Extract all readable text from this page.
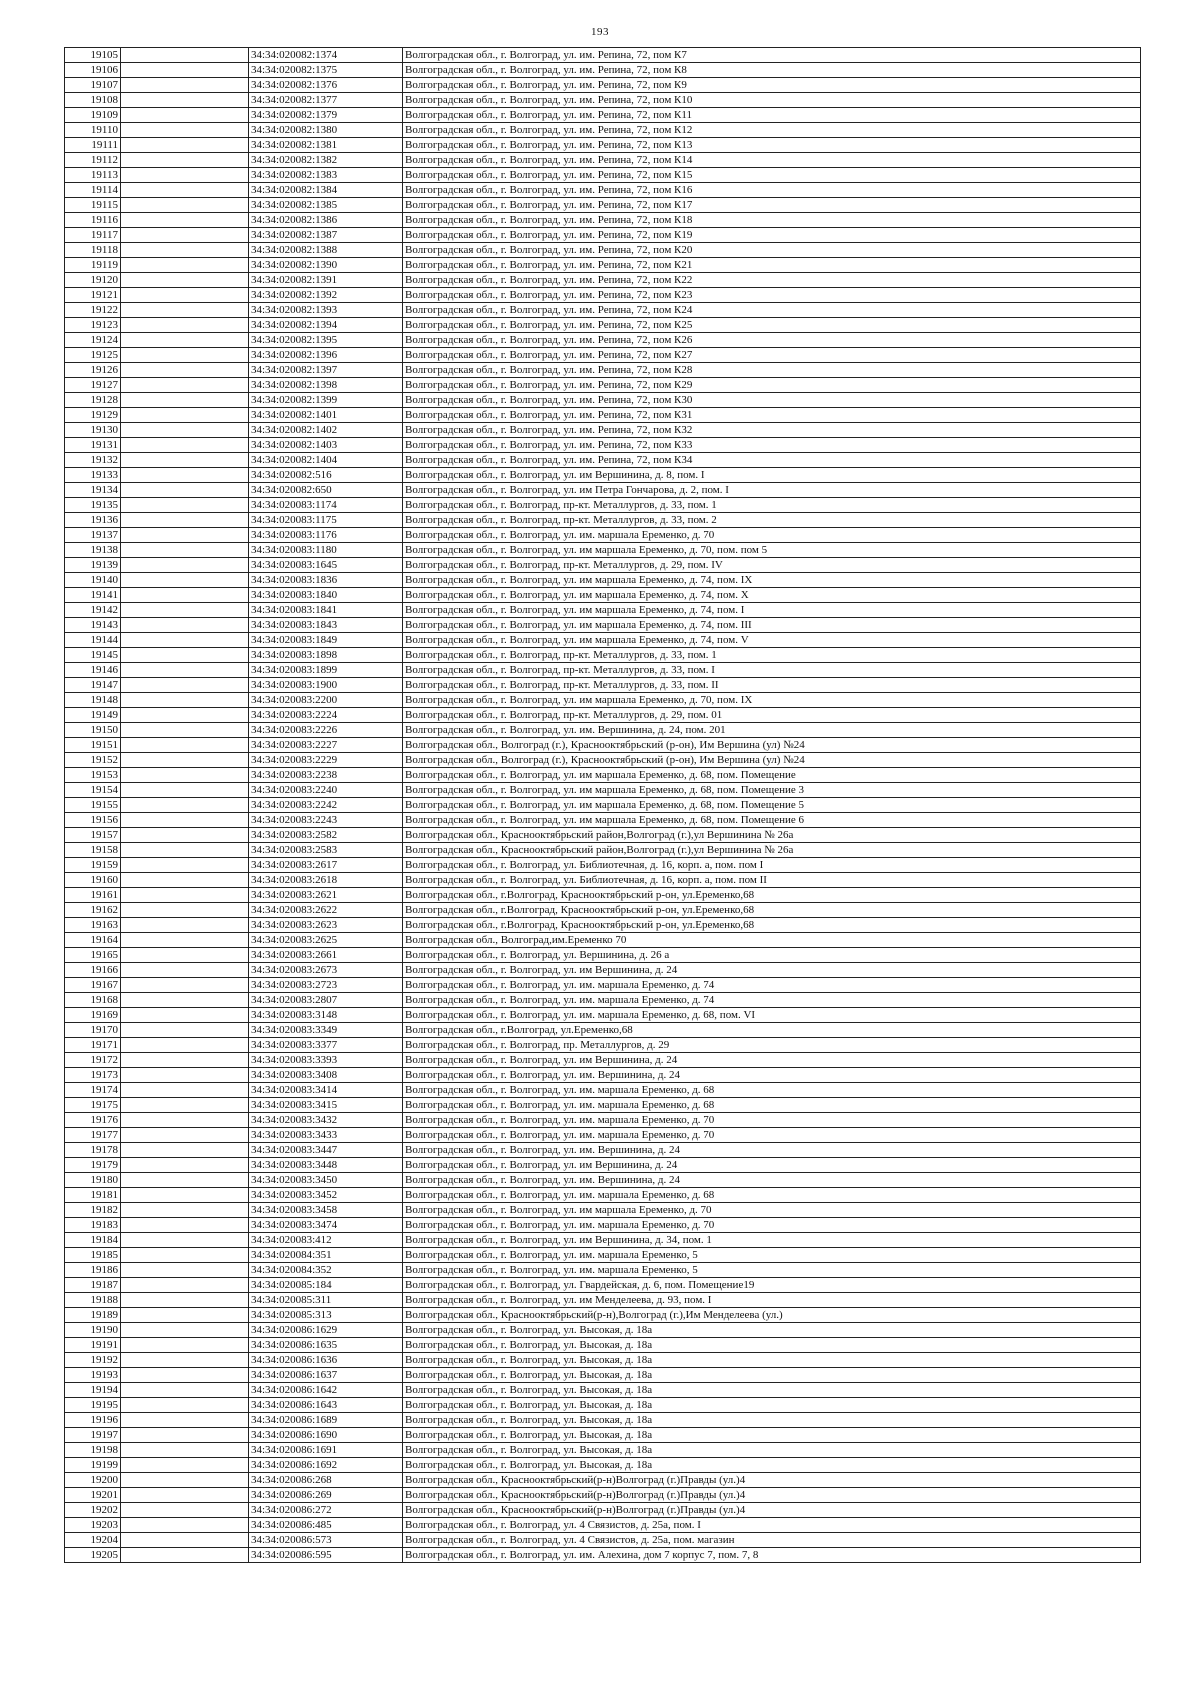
193
19105		34:34:020082:1374	Волгоградская обл., г. Волгоград, ул. им. Репина, 72, пом К7
19106		34:34:020082:1375	Волгоградская обл., г. Волгоград, ул. им. Репина, 72, пом К8
19107		34:34:020082:1376	Волгоградская обл., г. Волгоград, ул. им. Репина, 72, пом К9
19108		34:34:020082:1377	Волгоградская обл., г. Волгоград, ул. им. Репина, 72, пом К10
19109		34:34:020082:1379	Волгоградская обл., г. Волгоград, ул. им. Репина, 72, пом К11
19110		34:34:020082:1380	Волгоградская обл., г. Волгоград, ул. им. Репина, 72, пом К12
19111		34:34:020082:1381	Волгоградская обл., г. Волгоград, ул. им. Репина, 72, пом К13
19112		34:34:020082:1382	Волгоградская обл., г. Волгоград, ул. им. Репина, 72, пом К14
19113		34:34:020082:1383	Волгоградская обл., г. Волгоград, ул. им. Репина, 72, пом К15
19114		34:34:020082:1384	Волгоградская обл., г. Волгоград, ул. им. Репина, 72, пом К16
19115		34:34:020082:1385	Волгоградская обл., г. Волгоград, ул. им. Репина, 72, пом К17
19116		34:34:020082:1386	Волгоградская обл., г. Волгоград, ул. им. Репина, 72, пом К18
19117		34:34:020082:1387	Волгоградская обл., г. Волгоград, ул. им. Репина, 72, пом К19
19118		34:34:020082:1388	Волгоградская обл., г. Волгоград, ул. им. Репина, 72, пом К20
19119		34:34:020082:1390	Волгоградская обл., г. Волгоград, ул. им. Репина, 72, пом К21
19120		34:34:020082:1391	Волгоградская обл., г. Волгоград, ул. им. Репина, 72, пом К22
19121		34:34:020082:1392	Волгоградская обл., г. Волгоград, ул. им. Репина, 72, пом К23
19122		34:34:020082:1393	Волгоградская обл., г. Волгоград, ул. им. Репина, 72, пом К24
19123		34:34:020082:1394	Волгоградская обл., г. Волгоград, ул. им. Репина, 72, пом К25
19124		34:34:020082:1395	Волгоградская обл., г. Волгоград, ул. им. Репина, 72, пом К26
19125		34:34:020082:1396	Волгоградская обл., г. Волгоград, ул. им. Репина, 72, пом К27
19126		34:34:020082:1397	Волгоградская обл., г. Волгоград, ул. им. Репина, 72, пом К28
19127		34:34:020082:1398	Волгоградская обл., г. Волгоград, ул. им. Репина, 72, пом К29
19128		34:34:020082:1399	Волгоградская обл., г. Волгоград, ул. им. Репина, 72, пом К30
19129		34:34:020082:1401	Волгоградская обл., г. Волгоград, ул. им. Репина, 72, пом К31
19130		34:34:020082:1402	Волгоградская обл., г. Волгоград, ул. им. Репина, 72, пом К32
19131		34:34:020082:1403	Волгоградская обл., г. Волгоград, ул. им. Репина, 72, пом К33
19132		34:34:020082:1404	Волгоградская обл., г. Волгоград, ул. им. Репина, 72, пом К34
19133		34:34:020082:516	Волгоградская обл., г. Волгоград, ул. им Вершинина, д. 8, пом. I
19134		34:34:020082:650	Волгоградская обл., г. Волгоград, ул. им Петра Гончарова, д. 2, пом. I
19135		34:34:020083:1174	Волгоградская обл., г. Волгоград, пр-кт. Металлургов, д. 33, пом. 1
19136		34:34:020083:1175	Волгоградская обл., г. Волгоград, пр-кт. Металлургов, д. 33, пом. 2
19137		34:34:020083:1176	Волгоградская обл., г. Волгоград, ул. им. маршала Еременко, д. 70
19138		34:34:020083:1180	Волгоградская обл., г. Волгоград, ул. им маршала Еременко, д. 70, пом. пом 5
19139		34:34:020083:1645	Волгоградская обл., г. Волгоград, пр-кт. Металлургов, д. 29, пом. IV
19140		34:34:020083:1836	Волгоградская обл., г. Волгоград, ул. им маршала Еременко, д. 74, пом. IX
19141		34:34:020083:1840	Волгоградская обл., г. Волгоград, ул. им маршала Еременко, д. 74, пом. X
19142		34:34:020083:1841	Волгоградская обл., г. Волгоград, ул. им маршала Еременко, д. 74, пом. I
19143		34:34:020083:1843	Волгоградская обл., г. Волгоград, ул. им маршала Еременко, д. 74, пом. III
19144		34:34:020083:1849	Волгоградская обл., г. Волгоград, ул. им маршала Еременко, д. 74, пом. V
19145		34:34:020083:1898	Волгоградская обл., г. Волгоград, пр-кт. Металлургов, д. 33, пом. 1
19146		34:34:020083:1899	Волгоградская обл., г. Волгоград, пр-кт. Металлургов, д. 33, пом. I
19147		34:34:020083:1900	Волгоградская обл., г. Волгоград, пр-кт. Металлургов, д. 33, пом. II
19148		34:34:020083:2200	Волгоградская обл., г. Волгоград, ул. им маршала Еременко, д. 70, пом. IX
19149		34:34:020083:2224	Волгоградская обл., г. Волгоград, пр-кт. Металлургов, д. 29, пом. 01
19150		34:34:020083:2226	Волгоградская обл., г. Волгоград, ул. им. Вершинина, д. 24, пом. 201
19151		34:34:020083:2227	Волгоградская обл., Волгоград (г.), Краснооктябрьский (р-он), Им Вершина (ул) №24
19152		34:34:020083:2229	Волгоградская обл., Волгоград (г.), Краснооктябрьский (р-он), Им Вершина (ул) №24
19153		34:34:020083:2238	Волгоградская обл., г. Волгоград, ул. им маршала Еременко, д. 68, пом. Помещение
19154		34:34:020083:2240	Волгоградская обл., г. Волгоград, ул. им маршала Еременко, д. 68, пом. Помещение 3
19155		34:34:020083:2242	Волгоградская обл., г. Волгоград, ул. им маршала Еременко, д. 68, пом. Помещение 5
19156		34:34:020083:2243	Волгоградская обл., г. Волгоград, ул. им маршала Еременко, д. 68, пом. Помещение 6
19157		34:34:020083:2582	Волгоградская обл., Краснооктябрьский район,Волгоград (г.),ул Вершинина № 26а
19158		34:34:020083:2583	Волгоградская обл., Краснооктябрьский район,Волгоград (г.),ул Вершинина № 26а
19159		34:34:020083:2617	Волгоградская обл., г. Волгоград, ул. Библиотечная, д. 16, корп. а, пом. пом I
19160		34:34:020083:2618	Волгоградская обл., г. Волгоград, ул. Библиотечная, д. 16, корп. а, пом. пом II
19161		34:34:020083:2621	Волгоградская обл., г.Волгоград, Краснооктябрьский р-он, ул.Еременко,68
19162		34:34:020083:2622	Волгоградская обл., г.Волгоград, Краснооктябрьский р-он, ул.Еременко,68
19163		34:34:020083:2623	Волгоградская обл., г.Волгоград, Краснооктябрьский р-он, ул.Еременко,68
19164		34:34:020083:2625	Волгоградская обл., Волгоград,им.Еременко 70
19165		34:34:020083:2661	Волгоградская обл., г. Волгоград, ул. Вершинина, д. 26 а
19166		34:34:020083:2673	Волгоградская обл., г. Волгоград, ул. им Вершинина, д. 24
19167		34:34:020083:2723	Волгоградская обл., г. Волгоград, ул. им. маршала Еременко, д. 74
19168		34:34:020083:2807	Волгоградская обл., г. Волгоград, ул. им. маршала Еременко, д. 74
19169		34:34:020083:3148	Волгоградская обл., г. Волгоград, ул. им. маршала Еременко, д. 68, пом. VI
19170		34:34:020083:3349	Волгоградская обл., г.Волгоград, ул.Еременко,68
19171		34:34:020083:3377	Волгоградская обл., г. Волгоград, пр. Металлургов, д. 29
19172		34:34:020083:3393	Волгоградская обл., г. Волгоград, ул. им Вершинина, д. 24
19173		34:34:020083:3408	Волгоградская обл., г. Волгоград, ул. им. Вершинина, д. 24
19174		34:34:020083:3414	Волгоградская обл., г. Волгоград, ул. им. маршала Еременко, д. 68
19175		34:34:020083:3415	Волгоградская обл., г. Волгоград, ул. им. маршала Еременко, д. 68
19176		34:34:020083:3432	Волгоградская обл., г. Волгоград, ул. им. маршала Еременко, д. 70
19177		34:34:020083:3433	Волгоградская обл., г. Волгоград, ул. им. маршала Еременко, д. 70
19178		34:34:020083:3447	Волгоградская обл., г. Волгоград, ул. им. Вершинина, д. 24
19179		34:34:020083:3448	Волгоградская обл., г. Волгоград, ул. им Вершинина, д. 24
19180		34:34:020083:3450	Волгоградская обл., г. Волгоград, ул. им. Вершинина, д. 24
19181		34:34:020083:3452	Волгоградская обл., г. Волгоград, ул. им. маршала Еременко, д. 68
19182		34:34:020083:3458	Волгоградская обл., г. Волгоград, ул. им маршала Еременко, д. 70
19183		34:34:020083:3474	Волгоградская обл., г. Волгоград, ул. им. маршала Еременко, д. 70
19184		34:34:020083:412	Волгоградская обл., г. Волгоград, ул. им Вершинина, д. 34, пом. 1
19185		34:34:020084:351	Волгоградская обл., г. Волгоград, ул. им. маршала Еременко, 5
19186		34:34:020084:352	Волгоградская обл., г. Волгоград, ул. им. маршала Еременко, 5
19187		34:34:020085:184	Волгоградская обл., г. Волгоград, ул. Гвардейская, д. 6, пом. Помещение19
19188		34:34:020085:311	Волгоградская обл., г. Волгоград, ул. им Менделеева, д. 93, пом. I
19189		34:34:020085:313	Волгоградская обл., Краснооктябрьский(р-н),Волгоград (г.),Им Менделеева (ул.)
19190		34:34:020086:1629	Волгоградская обл., г. Волгоград, ул. Высокая, д. 18а
19191		34:34:020086:1635	Волгоградская обл., г. Волгоград, ул. Высокая, д. 18а
19192		34:34:020086:1636	Волгоградская обл., г. Волгоград, ул. Высокая, д. 18а
19193		34:34:020086:1637	Волгоградская обл., г. Волгоград, ул. Высокая, д. 18а
19194		34:34:020086:1642	Волгоградская обл., г. Волгоград, ул. Высокая, д. 18а
19195		34:34:020086:1643	Волгоградская обл., г. Волгоград, ул. Высокая, д. 18а
19196		34:34:020086:1689	Волгоградская обл., г. Волгоград, ул. Высокая, д. 18а
19197		34:34:020086:1690	Волгоградская обл., г. Волгоград, ул. Высокая, д. 18а
19198		34:34:020086:1691	Волгоградская обл., г. Волгоград, ул. Высокая, д. 18а
19199		34:34:020086:1692	Волгоградская обл., г. Волгоград, ул. Высокая, д. 18а
19200		34:34:020086:268	Волгоградская обл., Краснооктябрьский(р-н)Волгоград (г.)Правды (ул.)4
19201		34:34:020086:269	Волгоградская обл., Краснооктябрьский(р-н)Волгоград (г.)Правды (ул.)4
19202		34:34:020086:272	Волгоградская обл., Краснооктябрьский(р-н)Волгоград (г.)Правды (ул.)4
19203		34:34:020086:485	Волгоградская обл., г. Волгоград, ул. 4 Связистов, д. 25а, пом. I
19204		34:34:020086:573	Волгоградская обл., г. Волгоград, ул. 4 Связистов, д. 25а, пом. магазин
19205		34:34:020086:595	Волгоградская обл., г. Волгоград, ул. им. Алехина, дом 7 корпус 7, пом. 7, 8
